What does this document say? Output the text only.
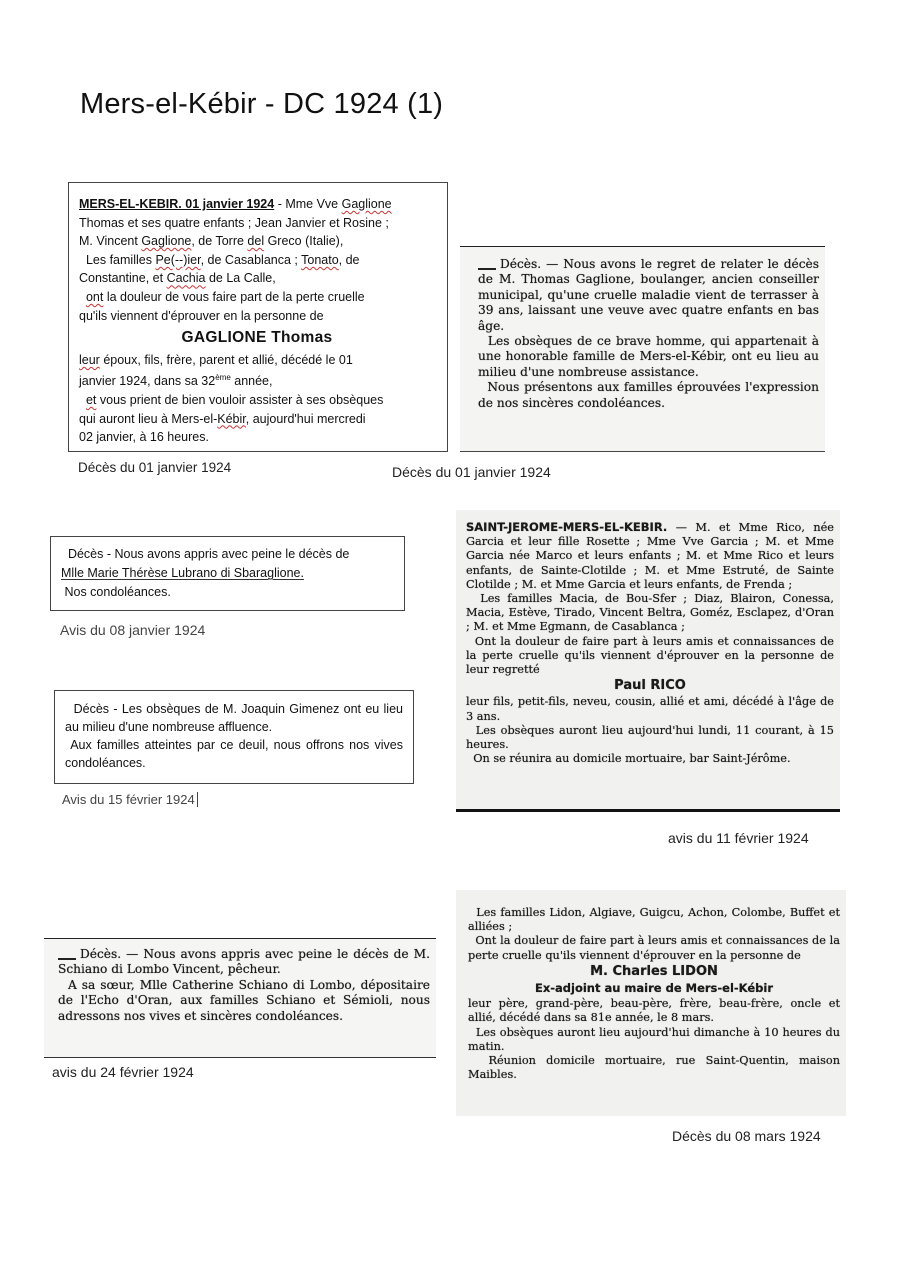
Mers-el-Kébir - DC 1924 (1)

MERS-EL-KEBIR. 01 janvier 1924 - Mme Vve Gaglione

Thomas et ses quatre enfants ; Jean Janvier et Rosine ;

M. Vincent Gaglione, de Torre del Greco (Italie),

Les familles Pe(--)ier, de Casablanca ; Tonato, de

Constantine, et Cachia de La Calle,

ont la douleur de vous faire part de la perte cruelle

qu'ils viennent d'éprouver en la personne de

GAGLIONE Thomas

leur époux, fils, frère, parent et allié, décédé le 01

janvier 1924, dans sa 32ème année,

et vous prient de bien vouloir assister à ses obsèques

qui auront lieu à Mers-el-Kébir, aujourd'hui mercredi

02 janvier, à 16 heures.

Décès du 01 janvier 1924

Décès. — Nous avons le regret de relater le décès de M. Thomas Gaglione, boulanger, ancien conseiller municipal, qu'une cruelle maladie vient de terrasser à 39 ans, laissant une veuve avec quatre enfants en bas âge.

Les obsèques de ce brave homme, qui appartenait à une honorable famille de Mers-el-Kébir, ont eu lieu au milieu d'une nombreuse assistance.

Nous présentons aux familles éprouvées l'expression de nos sincères condoléances.

Décès du 01 janvier 1924

Décès - Nous avons appris avec peine le décès de

Mlle Marie Thérèse Lubrano di Sbaraglione.

Nos condoléances.

Avis du 08 janvier 1924

SAINT-JEROME-MERS-EL-KEBIR. — M. et Mme Rico, née Garcia et leur fille Rosette ; Mme Vve Garcia ; M. et Mme Garcia née Marco et leurs enfants ; M. et Mme Rico et leurs enfants, de Sainte-Clotilde ; M. et Mme Estruté, de Sainte Clotilde ; M. et Mme Garcia et leurs enfants, de Frenda ;

Les familles Macia, de Bou-Sfer ; Diaz, Blairon, Conessa, Macia, Estève, Tirado, Vincent Beltra, Goméz, Esclapez, d'Oran ; M. et Mme Egmann, de Casablanca ;

Ont la douleur de faire part à leurs amis et connaissances de la perte cruelle qu'ils viennent d'éprouver en la personne de leur regretté

Paul RICO

leur fils, petit-fils, neveu, cousin, allié et ami, décédé à l'âge de 3 ans.

Les obsèques auront lieu aujourd'hui lundi, 11 courant, à 15 heures.

On se réunira au domicile mortuaire, bar Saint-Jérôme.

Décès - Les obsèques de M. Joaquin Gimenez ont eu lieu au milieu d'une nombreuse affluence.

Aux familles atteintes par ce deuil, nous offrons nos vives condoléances.

Avis du 15 février 1924
avis du 11 février 1924

Décès. — Nous avons appris avec peine le décès de M. Schiano di Lombo Vincent, pêcheur.

A sa sœur, Mlle Catherine Schiano di Lombo, dépositaire de l'Echo d'Oran, aux familles Schiano et Sémioli, nous adressons nos vives et sincères condoléances.

avis du 24 février 1924

Les familles Lidon, Algiave, Guigcu, Achon, Colombe, Buffet et alliées ;

Ont la douleur de faire part à leurs amis et connaissances de la perte cruelle qu'ils viennent d'éprouver en la personne de

M. Charles LIDON

Ex-adjoint au maire de Mers-el-Kébir

leur père, grand-père, beau-père, frère, beau-frère, oncle et allié, décédé dans sa 81e année, le 8 mars.

Les obsèques auront lieu aujourd'hui dimanche à 10 heures du matin.

Réunion domicile mortuaire, rue Saint-Quentin, maison Maibles.

Décès du 08 mars 1924
